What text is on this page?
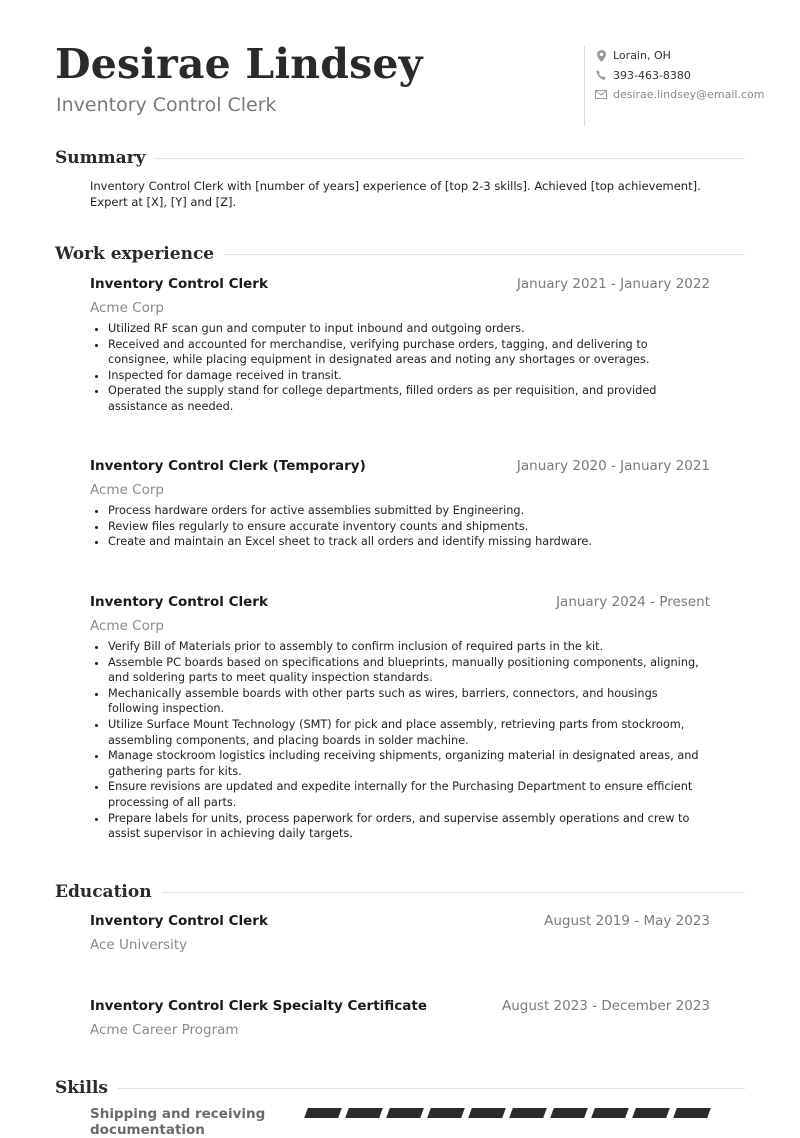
Desirae Lindsey
Inventory Control Clerk
Lorain, OH
393-463-8380
desirae.lindsey@email.com
Summary

Inventory Control Clerk with [number of years] experience of [top 2-3 skills]. Achieved [top achievement]. Expert at [X], [Y] and [Z].

Work experience
Inventory Control Clerk	January 2021 - January 2022
Acme Corp
• Utilized RF scan gun and computer to input inbound and outgoing orders.
• Received and accounted for merchandise, verifying purchase orders, tagging, and delivering to consignee, while placing equipment in designated areas and noting any shortages or overages.
• Inspected for damage received in transit.
• Operated the supply stand for college departments, filled orders as per requisition, and provided assistance as needed.
Inventory Control Clerk (Temporary)	January 2020 - January 2021
Acme Corp
• Process hardware orders for active assemblies submitted by Engineering.
• Review files regularly to ensure accurate inventory counts and shipments.
• Create and maintain an Excel sheet to track all orders and identify missing hardware.
Inventory Control Clerk	January 2024 - Present
Acme Corp
• Verify Bill of Materials prior to assembly to confirm inclusion of required parts in the kit.
• Assemble PC boards based on specifications and blueprints, manually positioning components, aligning, and soldering parts to meet quality inspection standards.
• Mechanically assemble boards with other parts such as wires, barriers, connectors, and housings following inspection.
• Utilize Surface Mount Technology (SMT) for pick and place assembly, retrieving parts from stockroom, assembling components, and placing boards in solder machine.
• Manage stockroom logistics including receiving shipments, organizing material in designated areas, and gathering parts for kits.
• Ensure revisions are updated and expedite internally for the Purchasing Department to ensure efficient processing of all parts.
• Prepare labels for units, process paperwork for orders, and supervise assembly operations and crew to assist supervisor in achieving daily targets.
Education
Inventory Control Clerk	August 2019 - May 2023
Ace University
Inventory Control Clerk Specialty Certificate	August 2023 - December 2023
Acme Career Program
Skills
Shipping and receiving
documentation
